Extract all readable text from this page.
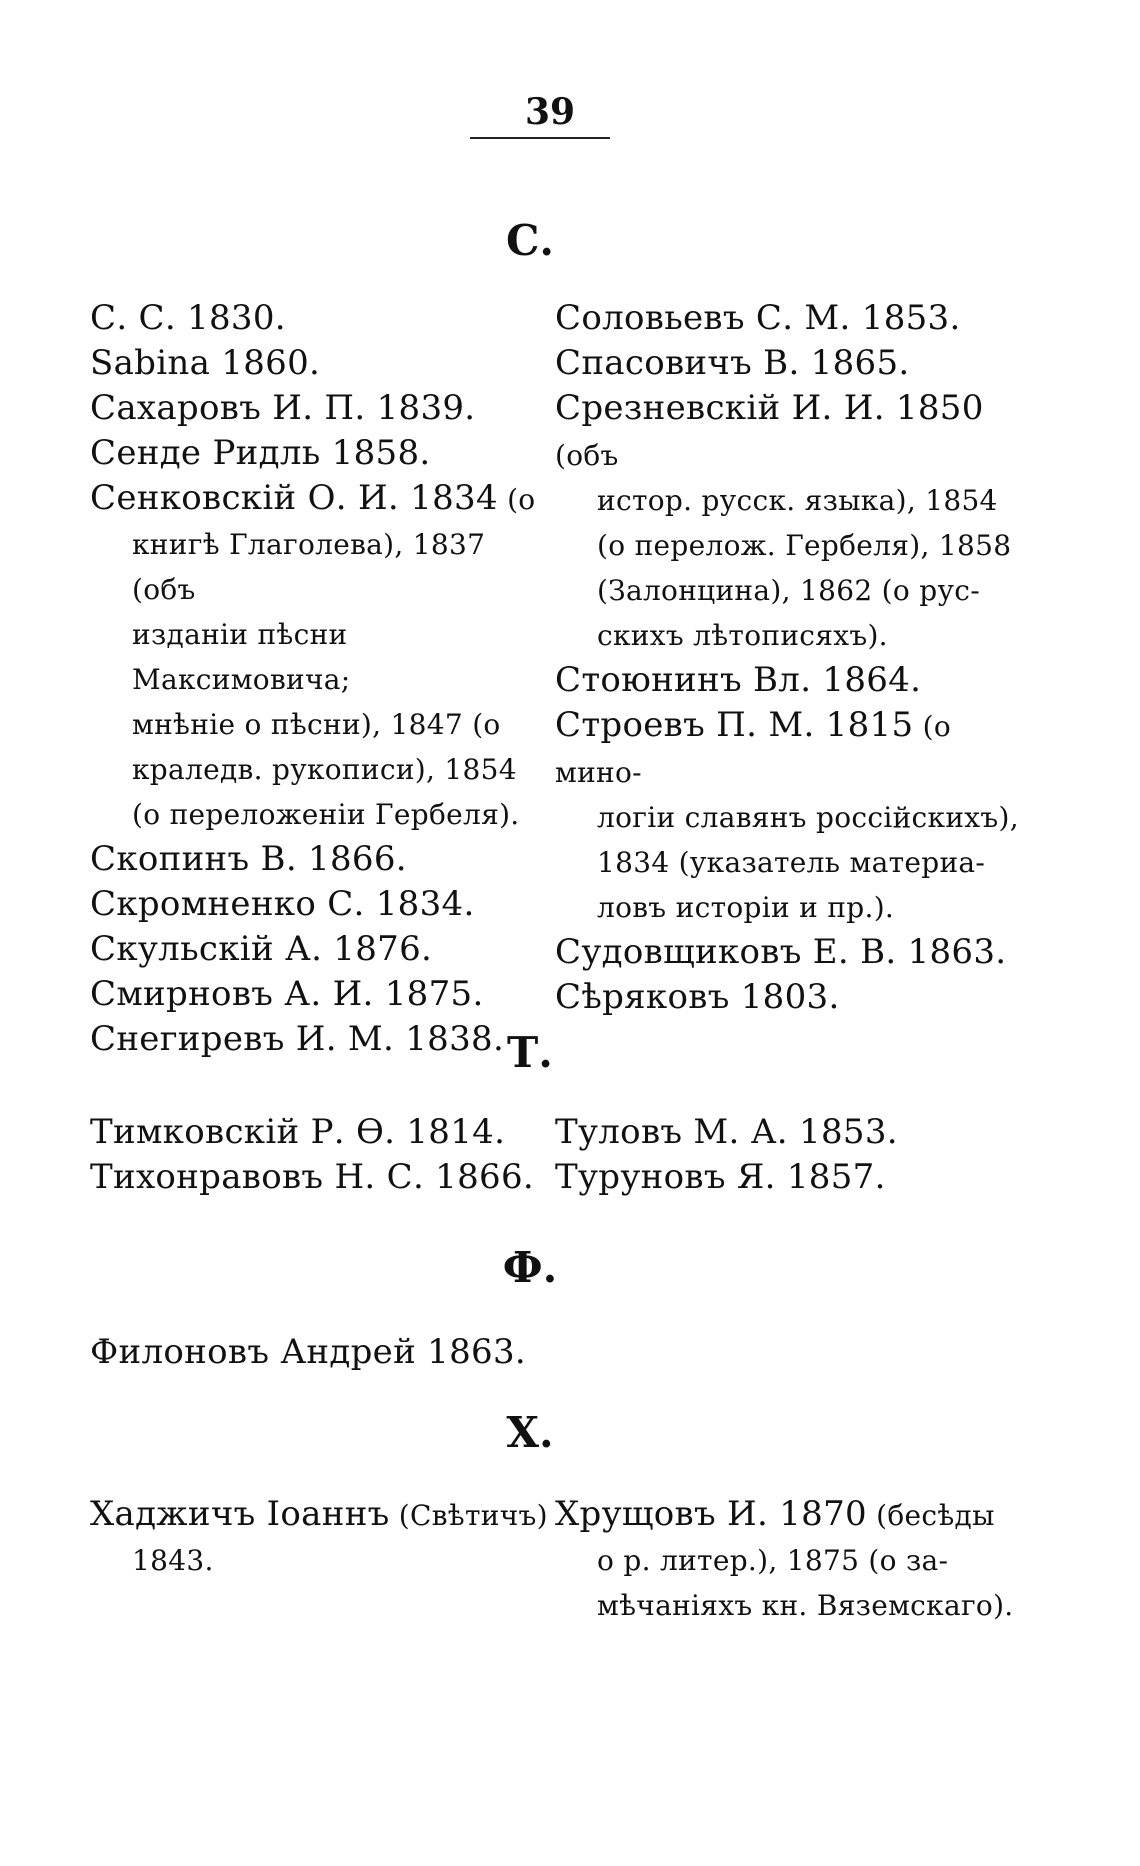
39
С.
С. С. 1830.
Sabina 1860.
Сахаровъ И. П. 1839.
Сенде Ридль 1858.
Сенковскій О. И. 1834 (о
книгѣ Глаголева), 1837 (объ
изданіи пѣсни Максимовича;
мнѣніе о пѣсни), 1847 (о
краледв. рукописи), 1854
(о переложеніи Гербеля).
Скопинъ В. 1866.
Скромненко С. 1834.
Скульскій А. 1876.
Смирновъ А. И. 1875.
Снегиревъ И. М. 1838.
Соловьевъ С. М. 1853.
Спасовичъ В. 1865.
Срезневскій И. И. 1850 (объ
истор. русск. языка), 1854
(о перелож. Гербеля), 1858
(Залонцина), 1862 (о рус-
скихъ лѣтописяхъ).
Стоюнинъ Вл. 1864.
Строевъ П. М. 1815 (о мино-
логіи славянъ россійскихъ),
1834 (указатель материа-
ловъ исторіи и пр.).
Судовщиковъ Е. В. 1863.
Сѣряковъ 1803.
Т.
Тимковскій Р. Ѳ. 1814.
Тихонравовъ Н. С. 1866.
Туловъ М. А. 1853.
Туруновъ Я. 1857.
Ф.
Филоновъ Андрей 1863.
Х.
Хаджичъ Іоаннъ (Свѣтичъ)
1843.
Хрущовъ И. 1870 (бесѣды
о р. литер.), 1875 (о за-
мѣчаніяхъ кн. Вяземскаго).
